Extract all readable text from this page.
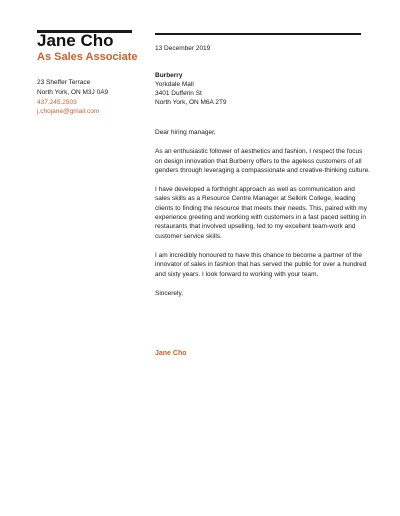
Jane Cho
As Sales Associate
23 Sheffer Terrace
North York, ON M3J 0A9
437.245.2503
j.chojane@gmail.com
13 December 2019
Burberry
Yorkdale Mall
3401 Dufferin St
North York, ON M6A 2T9

Dear hiring manager,

As an enthusiastic follower of aesthetics and fashion, I respect the focus on design innovation that Burberry offers to the ageless customers of all genders through leveraging a compassionate and creative-thinking culture.

I have developed a forthright approach as well as communication and sales skills as a Resource Centre Manager at Selkirk College, leading clients to finding the resource that meets their needs. This, paired with my experience greeting and working with customers in a fast paced setting in restaurants that involved upselling, led to my excellent team-work and customer service skills.

I am incredibly honoured to have this chance to become a partner of the innovator of sales in fashion that has served the public for over a hundred and sixty years. I look forward to working with your team.

Sincerely,

Jane Cho
